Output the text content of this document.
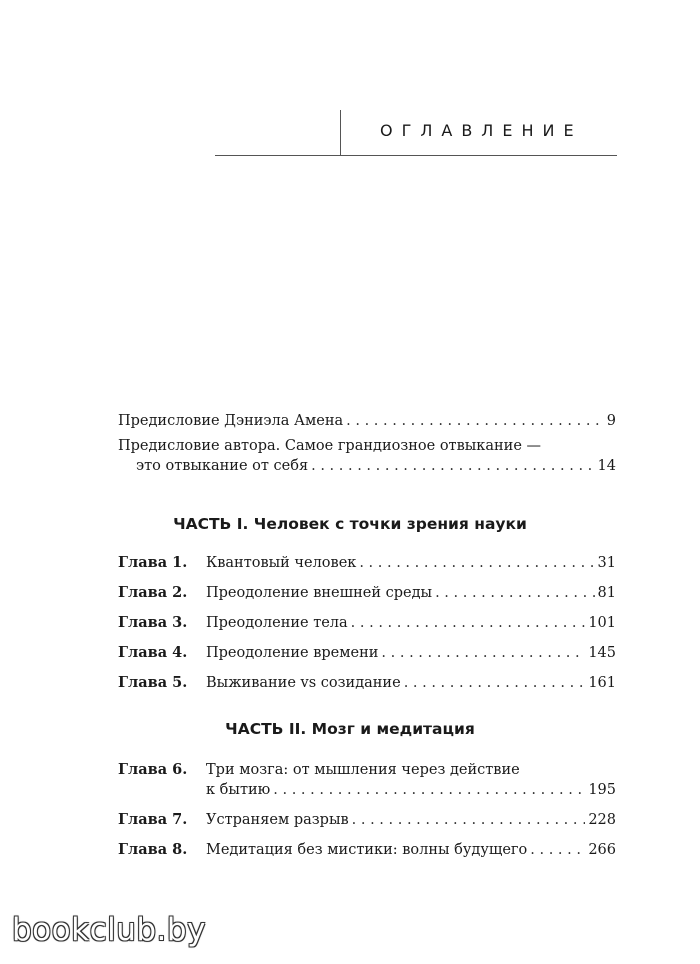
ОГЛАВЛЕНИЕ
Предисловие Дэниэла Амена . . .	9
Предисловие автора. Самое грандиозное отвыкание —
это отвыкание от себя . . .	14
ЧАСТЬ I. Человек с точки зрения науки
Глава 1.	Квантовый человек . . .	31
Глава 2.	Преодоление внешней среды . . .	81
Глава 3.	Преодоление тела . . .	101
Глава 4.	Преодоление времени . . .	145
Глава 5.	Выживание vs созидание . . .	161
ЧАСТЬ II. Мозг и медитация
Глава 6.	Три мозга: от мышления через действие
к бытию . . .	195
Глава 7.	Устраняем разрыв . . .	228
Глава 8.	Медитация без мистики: волны будущего . . .	266
bookclub.by
